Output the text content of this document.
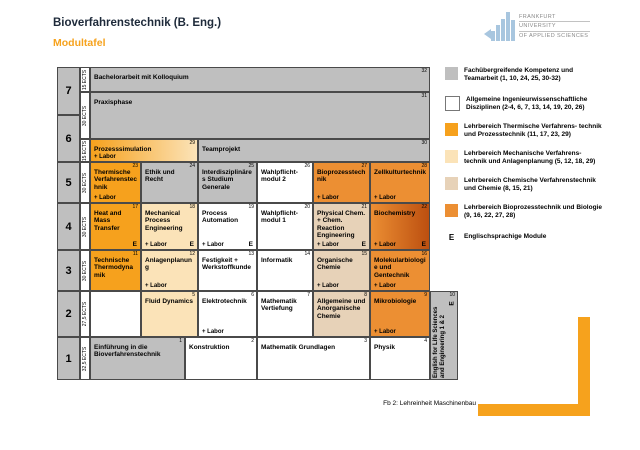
Bioverfahrenstechnik (B. Eng.)
Modultafel
FRANKFURT
UNIVERSITY
OF APPLIED SCIENCES
7
6
5
4
3
2
1
15 ECTS
30 ECTS
15 ECTS
30 ECTS
30 ECTS
30 ECTS
27,5 ECTS
32,5 ECTS
32
Bachelorarbeit mit Kolloquium
31
Praxisphase
29
Prozesssimulation
+ Labor
30
Teamprojekt
23
Thermische Verfahrenstechnik
+ Labor
24
Ethik und Recht
25
Interdisziplinäres Studium Generale
26
Wahlpflicht-modul 2
27
Bioprozesstechnik
+ Labor
28
Zellkulturtechnik
+ Labor
17
Heat and Mass Transfer
E
18
Mechanical Process Engineering
+ Labor	E
19
Process Automation
+ Labor	E
20
Wahlpflicht-modul 1
21
Physical Chem. + Chem. Reaction Engineering
+ Labor	E
22
Biochemistry
+ Labor	E
11
Technische Thermodynamik
12
Anlagenplanung
+ Labor
13
Festigkeit + Werkstoffkunde
14
Informatik
15
Organische Chemie
+ Labor
16
Molekularbiologie und Gentechnik
+ Labor
5
Fluid Dynamics
6
Elektrotechnik
+ Labor
7
Mathematik Vertiefung
8
Allgemeine und Anorganische Chemie
9
Mikrobiologie
+ Labor
10
English for Life Sciences and Engineering 1 & 2
E
1
Einführung in die Bioverfahrenstechnik
2
Konstruktion
3
Mathematik Grundlagen
4
Physik
Fachübergreifende Kompetenz und Teamarbeit (1, 10, 24, 25, 30-32)
Allgemeine Ingenieurwissenschaftliche Disziplinen (2-4, 6, 7, 13, 14, 19, 20, 26)
Lehrbereich Thermische Verfahrens- technik und Prozesstechnik (11, 17, 23, 29)
Lehrbereich Mechanische Verfahrens- technik und Anlagenplanung (5, 12, 18, 29)
Lehrbereich Chemische Verfahrenstechnik und Chemie (8, 15, 21)
Lehrbereich Bioprozesstechnik und Biologie (9, 16, 22, 27, 28)
E	Englischsprachige Module
Fb 2: Lehreinheit Maschinenbau
